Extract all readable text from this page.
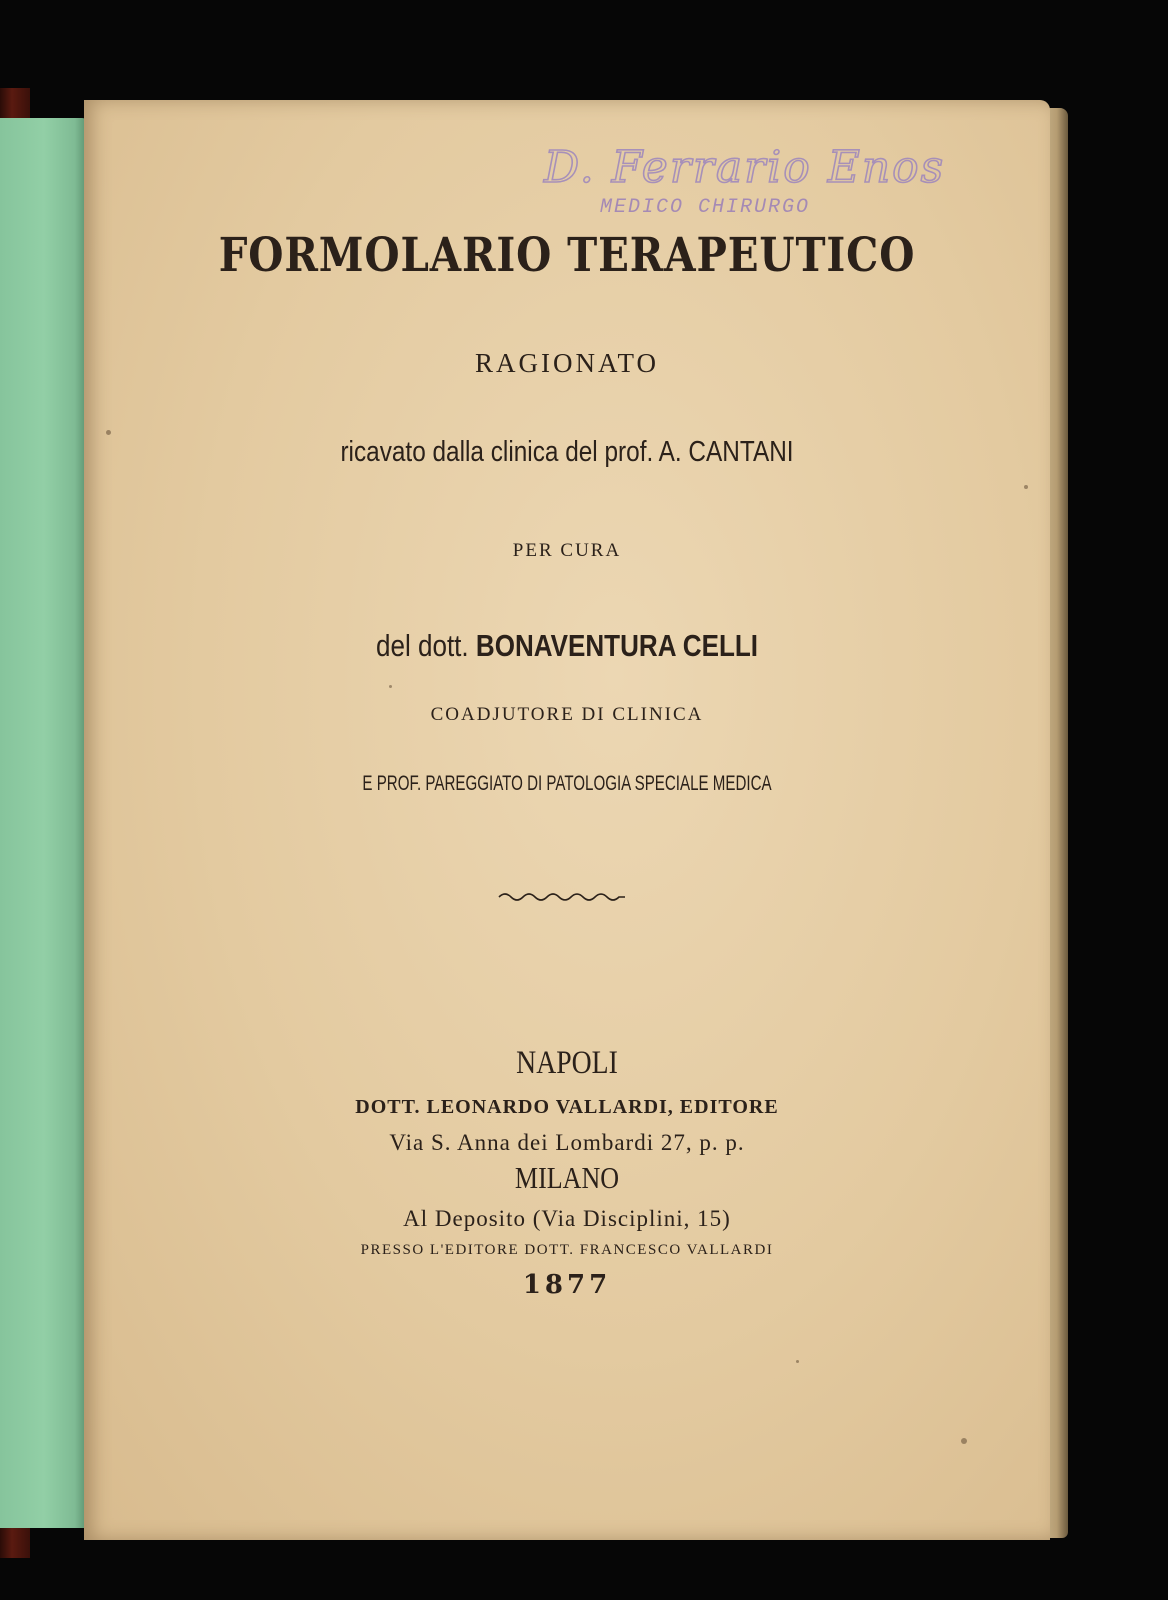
D. Ferrario Enos
MEDICO CHIRURGO
FORMOLARIO TERAPEUTICO
RAGIONATO
ricavato dalla clinica del prof. A. CANTANI
PER CURA
del dott. BONAVENTURA CELLI
COADJUTORE DI CLINICA
E PROF. PAREGGIATO DI PATOLOGIA SPECIALE MEDICA
NAPOLI
DOTT. LEONARDO VALLARDI, EDITORE
Via S. Anna dei Lombardi 27, p. p.
MILANO
Al Deposito (Via Disciplini, 15)
PRESSO L'EDITORE DOTT. FRANCESCO VALLARDI
1877
